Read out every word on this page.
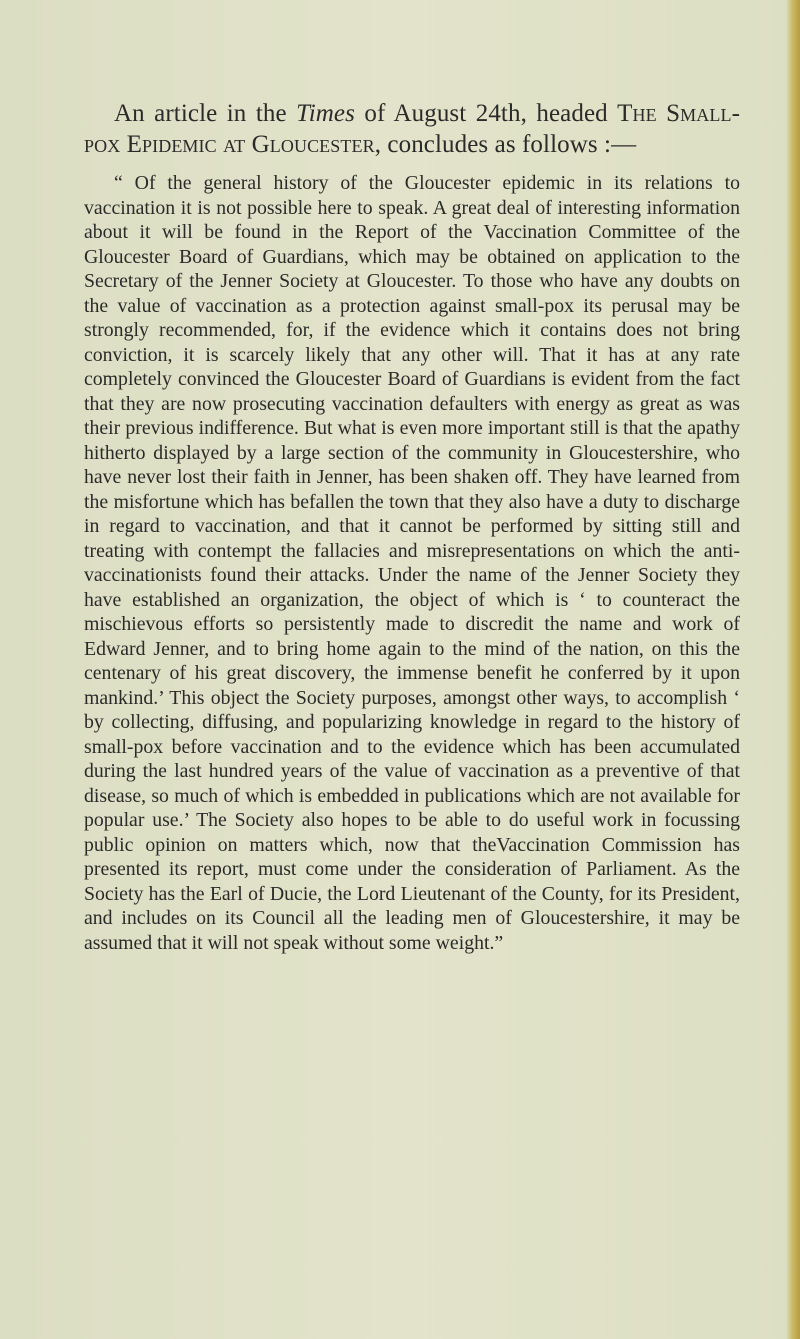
An article in the Times of August 24th, headed The Small-pox Epidemic at Gloucester, concludes as follows :—

“ Of the general history of the Gloucester epidemic in its relations to vaccination it is not possible here to speak. A great deal of interesting information about it will be found in the Report of the Vaccination Committee of the Gloucester Board of Guardians, which may be obtained on application to the Secretary of the Jenner Society at Gloucester. To those who have any doubts on the value of vaccination as a protection against small-pox its perusal may be strongly recommended, for, if the evidence which it contains does not bring conviction, it is scarcely likely that any other will. That it has at any rate completely convinced the Gloucester Board of Guardians is evident from the fact that they are now prosecuting vaccination defaulters with energy as great as was their previous indifference. But what is even more important still is that the apathy hitherto displayed by a large section of the community in Gloucestershire, who have never lost their faith in Jenner, has been shaken off. They have learned from the misfortune which has befallen the town that they also have a duty to discharge in regard to vaccination, and that it cannot be performed by sitting still and treating with contempt the fallacies and misrepresentations on which the anti-vaccinationists found their attacks. Under the name of the Jenner Society they have established an organization, the object of which is ‘ to counteract the mischievous efforts so persistently made to discredit the name and work of Edward Jenner, and to bring home again to the mind of the nation, on this the centenary of his great discovery, the immense benefit he conferred by it upon mankind.’ This object the Society purposes, amongst other ways, to accomplish ‘ by collecting, diffusing, and popularizing knowledge in regard to the history of small-pox before vaccination and to the evidence which has been accumulated during the last hundred years of the value of vaccination as a preventive of that disease, so much of which is embedded in publications which are not available for popular use.’ The Society also hopes to be able to do useful work in focussing public opinion on matters which, now that theVaccination Commission has presented its report, must come under the consideration of Parliament. As the Society has the Earl of Ducie, the Lord Lieutenant of the County, for its President, and includes on its Council all the leading men of Gloucestershire, it may be assumed that it will not speak without some weight.”
